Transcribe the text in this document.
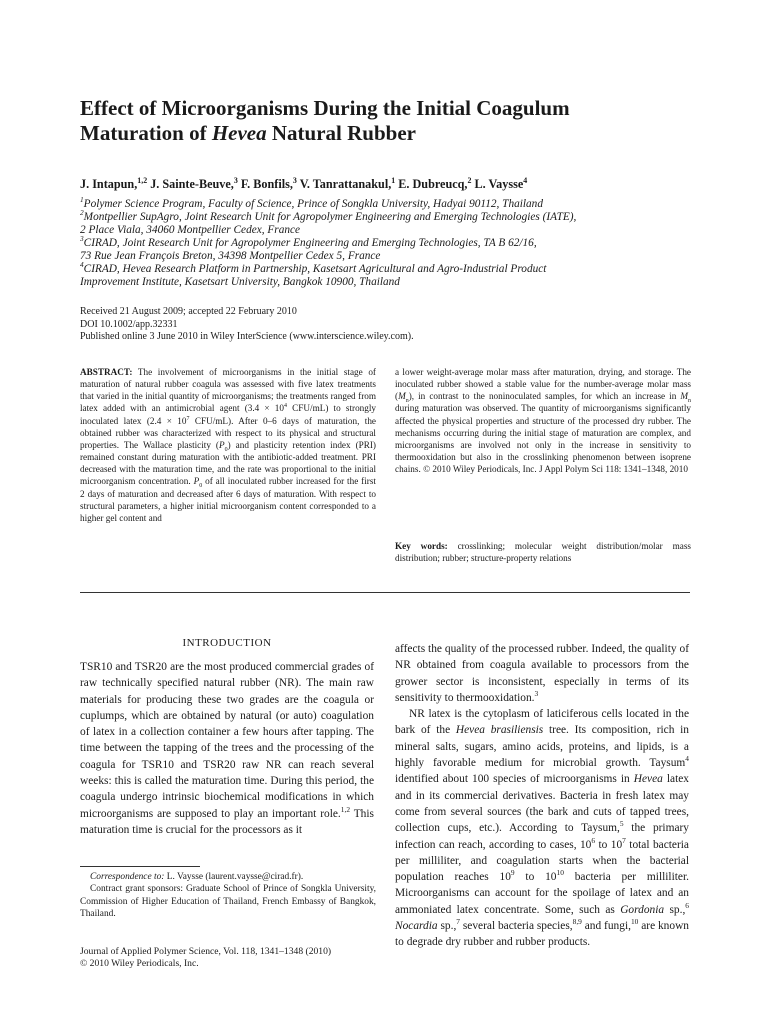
Effect of Microorganisms During the Initial Coagulum
Maturation of Hevea Natural Rubber
J. Intapun,$^{1,2}$ J. Sainte-Beuve,$^3$ F. Bonfils,$^3$ V. Tanrattanakul,$^1$ E. Dubreucq,$^2$ L. Vaysse$^4$
$^1$Polymer Science Program, Faculty of Science, Prince of Songkla University, Hadyai 90112, Thailand
$^2$Montpellier SupAgro, Joint Research Unit for Agropolymer Engineering and Emerging Technologies (IATE),
2 Place Viala, 34060 Montpellier Cedex, France
$^3$CIRAD, Joint Research Unit for Agropolymer Engineering and Emerging Technologies, TA B 62/16,
73 Rue Jean François Breton, 34398 Montpellier Cedex 5, France
$^4$CIRAD, Hevea Research Platform in Partnership, Kasetsart Agricultural and Agro-Industrial Product
Improvement Institute, Kasetsart University, Bangkok 10900, Thailand
Received 21 August 2009; accepted 22 February 2010
DOI 10.1002/app.32331
Published online 3 June 2010 in Wiley InterScience (www.interscience.wiley.com).
ABSTRACT: The involvement of microorganisms in the initial stage of maturation of natural rubber coagula was assessed with five latex treatments that varied in the initial quantity of microorganisms; the treatments ranged from latex added with an antimicrobial agent ($3.4 \times 10^4$ CFU/mL) to strongly inoculated latex ($2.4 \times 10^7$ CFU/mL). After 0–6 days of maturation, the obtained rubber was characterized with respect to its physical and structural properties. The Wallace plasticity $(P_0)$ and plasticity retention index (PRI) remained constant during maturation with the antibiotic-added treatment. PRI decreased with the maturation time, and the rate was proportional to the initial microorganism concentration. $P_0$ of all inoculated rubber increased for the first 2 days of maturation and decreased after 6 days of maturation. With respect to structural parameters, a higher initial microorganism content corresponded to a higher gel content and
a lower weight-average molar mass after maturation, drying, and storage. The inoculated rubber showed a stable value for the number-average molar mass $(M_n)$, in contrast to the noninoculated samples, for which an increase in $M_n$ during maturation was observed. The quantity of microorganisms significantly affected the physical properties and structure of the processed dry rubber. The mechanisms occurring during the initial stage of maturation are complex, and microorganisms are involved not only in the increase in sensitivity to thermooxidation but also in the crosslinking phenomenon between isoprene chains. © 2010 Wiley Periodicals, Inc. J Appl Polym Sci 118: 1341–1348, 2010
Key words: crosslinking; molecular weight distribution/molar mass distribution; rubber; structure-property relations
INTRODUCTION

TSR10 and TSR20 are the most produced commercial grades of raw technically specified natural rubber (NR). The main raw materials for producing these two grades are the coagula or cuplumps, which are obtained by natural (or auto) coagulation of latex in a collection container a few hours after tapping. The time between the tapping of the trees and the processing of the coagula for TSR10 and TSR20 raw NR can reach several weeks: this is called the maturation time. During this period, the coagula undergo intrinsic biochemical modifications in which microorganisms are supposed to play an important role.$^{1,2}$ This maturation time is crucial for the processors as it

affects the quality of the processed rubber. Indeed, the quality of NR obtained from coagula available to processors from the grower sector is inconsistent, especially in terms of its sensitivity to thermooxidation.$^3$

NR latex is the cytoplasm of laticiferous cells located in the bark of the Hevea brasiliensis tree. Its composition, rich in mineral salts, sugars, amino acids, proteins, and lipids, is a highly favorable medium for microbial growth. Taysum$^4$ identified about 100 species of microorganisms in Hevea latex and in its commercial derivatives. Bacteria in fresh latex may come from several sources (the bark and cuts of tapped trees, collection cups, etc.). According to Taysum,$^5$ the primary infection can reach, according to cases, $10^6$ to $10^7$ total bacteria per milliliter, and coagulation starts when the bacterial population reaches $10^9$ to $10^{10}$ bacteria per milliliter. Microorganisms can account for the spoilage of latex and an ammoniated latex concentrate. Some, such as Gordonia sp.,$^6$ Nocardia sp.,$^7$ several bacteria species,$^{8,9}$ and fungi,$^{10}$ are known to degrade dry rubber and rubber products.

Correspondence to: L. Vaysse (laurent.vaysse@cirad.fr).
Contract grant sponsors: Graduate School of Prince of Songkla University, Commission of Higher Education of Thailand, French Embassy of Bangkok, Thailand.
Journal of Applied Polymer Science, Vol. 118, 1341–1348 (2010)
© 2010 Wiley Periodicals, Inc.
